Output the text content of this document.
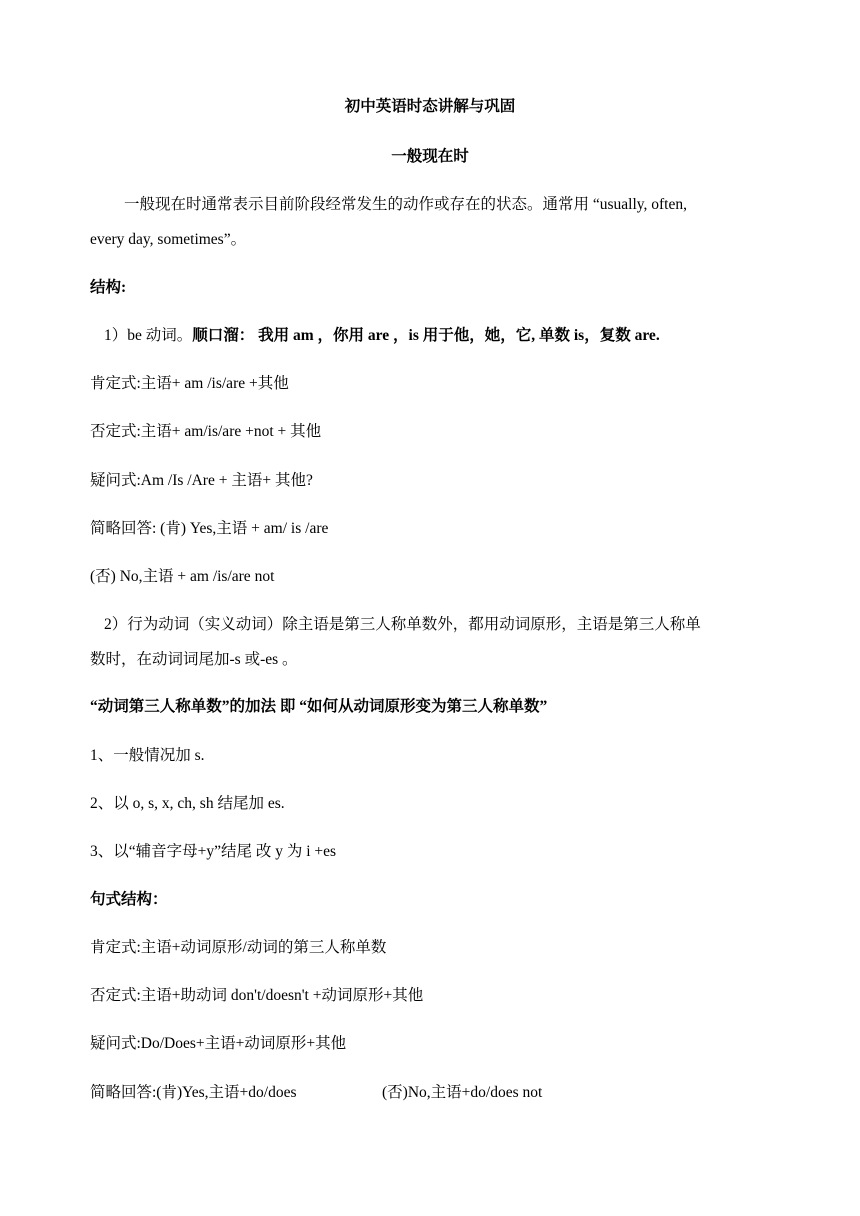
初中英语时态讲解与巩固
一般现在时
一般现在时通常表示目前阶段经常发生的动作或存在的状态。通常用 “usually, often,
every day, sometimes”。
结构:
1）be 动词。顺口溜： 我用 am ，你用 are ，is 用于他，她，它, 单数 is，复数 are.
肯定式:主语+ am /is/are +其他
否定式:主语+ am/is/are +not + 其他
疑问式:Am /Is /Are + 主语+ 其他?
简略回答: (肯) Yes,主语 + am/ is /are
(否) No,主语 + am /is/are not
2）行为动词（实义动词）除主语是第三人称单数外，都用动词原形，主语是第三人称单
数时，在动词词尾加-s 或-es 。
“动词第三人称单数”的加法 即 “如何从动词原形变为第三人称单数”
1、一般情况加 s.
2、以 o, s, x, ch, sh 结尾加 es.
3、以“辅音字母+y”结尾 改 y 为 i +es
句式结构：
肯定式:主语+动词原形/动词的第三人称单数
否定式:主语+助动词 don't/doesn't +动词原形+其他
疑问式:Do/Does+主语+动词原形+其他
简略回答:(肯)Yes,主语+do/does	(否)No,主语+do/does not
